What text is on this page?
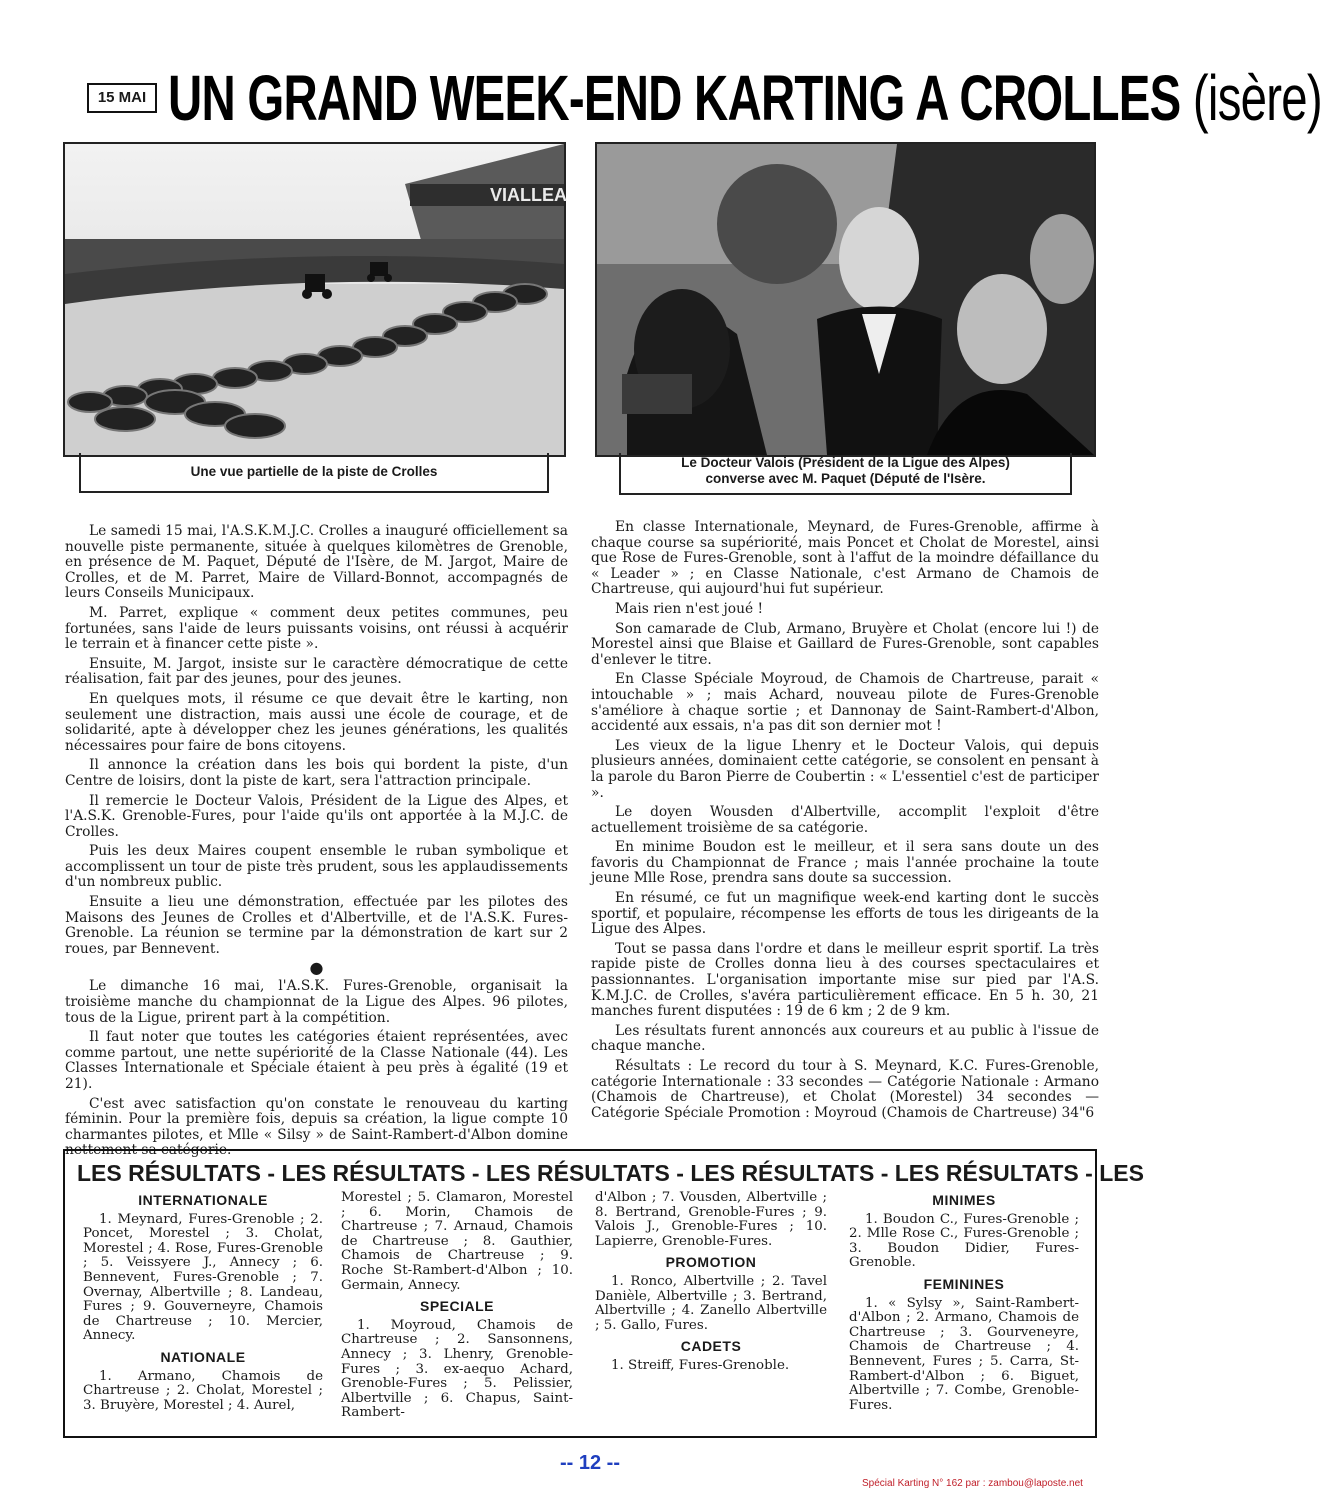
15 MAI UN GRAND WEEK-END KARTING A CROLLES (isère)
VIALLEA
Une vue partielle de la piste de Crolles
Le Docteur Valois (Président de la Ligue des Alpes)
converse avec M. Paquet (Député de l'Isère.

Le samedi 15 mai, l'A.S.K.M.J.C. Crolles a inauguré officiellement sa nouvelle piste permanente, située à quelques kilomètres de Grenoble, en présence de M. Paquet, Député de l'Isère, de M. Jargot, Maire de Crolles, et de M. Parret, Maire de Villard-Bonnot, accompagnés de leurs Conseils Municipaux.

M. Parret, explique « comment deux petites communes, peu fortunées, sans l'aide de leurs puissants voisins, ont réussi à acquérir le terrain et à financer cette piste ».

Ensuite, M. Jargot, insiste sur le caractère démocratique de cette réalisation, fait par des jeunes, pour des jeunes.

En quelques mots, il résume ce que devait être le karting, non seulement une distraction, mais aussi une école de courage, et de solidarité, apte à développer chez les jeunes générations, les qualités nécessaires pour faire de bons citoyens.

Il annonce la création dans les bois qui bordent la piste, d'un Centre de loisirs, dont la piste de kart, sera l'attraction principale.

Il remercie le Docteur Valois, Président de la Ligue des Alpes, et l'A.S.K. Grenoble-Fures, pour l'aide qu'ils ont apportée à la M.J.C. de Crolles.

Puis les deux Maires coupent ensemble le ruban symbolique et accomplissent un tour de piste très prudent, sous les applaudissements d'un nombreux public.

Ensuite a lieu une démonstration, effectuée par les pilotes des Maisons des Jeunes de Crolles et d'Albertville, et de l'A.S.K. Fures-Grenoble. La réunion se termine par la démonstration de kart sur 2 roues, par Bennevent.

●

Le dimanche 16 mai, l'A.S.K. Fures-Grenoble, organisait la troisième manche du championnat de la Ligue des Alpes. 96 pilotes, tous de la Ligue, prirent part à la compétition.

Il faut noter que toutes les catégories étaient représentées, avec comme partout, une nette supériorité de la Classe Nationale (44). Les Classes Internationale et Spéciale étaient à peu près à égalité (19 et 21).

C'est avec satisfaction qu'on constate le renouveau du karting féminin. Pour la première fois, depuis sa création, la ligue compte 10 charmantes pilotes, et Mlle « Silsy » de Saint-Rambert-d'Albon domine nettement sa catégorie.

En classe Internationale, Meynard, de Fures-Grenoble, affirme à chaque course sa supériorité, mais Poncet et Cholat de Morestel, ainsi que Rose de Fures-Grenoble, sont à l'affut de la moindre défaillance du « Leader » ; en Classe Nationale, c'est Armano de Chamois de Chartreuse, qui aujourd'hui fut supérieur.

Mais rien n'est joué !

Son camarade de Club, Armano, Bruyère et Cholat (encore lui !) de Morestel ainsi que Blaise et Gaillard de Fures-Grenoble, sont capables d'enlever le titre.

En Classe Spéciale Moyroud, de Chamois de Chartreuse, parait « intouchable » ; mais Achard, nouveau pilote de Fures-Grenoble s'améliore à chaque sortie ; et Dannonay de Saint-Rambert-d'Albon, accidenté aux essais, n'a pas dit son dernier mot !

Les vieux de la ligue Lhenry et le Docteur Valois, qui depuis plusieurs années, dominaient cette catégorie, se consolent en pensant à la parole du Baron Pierre de Coubertin : « L'essentiel c'est de participer ».

Le doyen Wousden d'Albertville, accomplit l'exploit d'être actuellement troisième de sa catégorie.

En minime Boudon est le meilleur, et il sera sans doute un des favoris du Championnat de France ; mais l'année prochaine la toute jeune Mlle Rose, prendra sans doute sa succession.

En résumé, ce fut un magnifique week-end karting dont le succès sportif, et populaire, récompense les efforts de tous les dirigeants de la Ligue des Alpes.

Tout se passa dans l'ordre et dans le meilleur esprit sportif. La très rapide piste de Crolles donna lieu à des courses spectaculaires et passionnantes. L'organisation importante mise sur pied par l'A.S. K.M.J.C. de Crolles, s'avéra particulièrement efficace. En 5 h. 30, 21 manches furent disputées : 19 de 6 km ; 2 de 9 km.

Les résultats furent annoncés aux coureurs et au public à l'issue de chaque manche.

Résultats : Le record du tour à S. Meynard, K.C. Fures-Grenoble, catégorie Internationale : 33 secondes — Catégorie Nationale : Armano (Chamois de Chartreuse), et Cholat (Morestel) 34 secondes — Catégorie Spéciale Promotion : Moyroud (Chamois de Chartreuse) 34"6

LES RÉSULTATS - LES RÉSULTATS - LES RÉSULTATS - LES RÉSULTATS - LES RÉSULTATS - LES
INTERNATIONALE

1. Meynard, Fures-Grenoble ; 2. Poncet, Morestel ; 3. Cholat, Morestel ; 4. Rose, Fures-Grenoble ; 5. Veissyere J., Annecy ; 6. Bennevent, Fures-Grenoble ; 7. Overnay, Albertville ; 8. Landeau, Fures ; 9. Gouverneyre, Chamois de Chartreuse ; 10. Mercier, Annecy.

NATIONALE

1. Armano, Chamois de Chartreuse ; 2. Cholat, Morestel ; 3. Bruyère, Morestel ; 4. Aurel,

Morestel ; 5. Clamaron, Morestel ; 6. Morin, Chamois de Chartreuse ; 7. Arnaud, Chamois de Chartreuse ; 8. Gauthier, Chamois de Chartreuse ; 9. Roche St-Rambert-d'Albon ; 10. Germain, Annecy.

SPECIALE

1. Moyroud, Chamois de Chartreuse ; 2. Sansonnens, Annecy ; 3. Lhenry, Grenoble-Fures ; 3. ex-aequo Achard, Grenoble-Fures ; 5. Pelissier, Albertville ; 6. Chapus, Saint-Rambert-

d'Albon ; 7. Vousden, Albertville ; 8. Bertrand, Grenoble-Fures ; 9. Valois J., Grenoble-Fures ; 10. Lapierre, Grenoble-Fures.

PROMOTION

1. Ronco, Albertville ; 2. Tavel Danièle, Albertville ; 3. Bertrand, Albertville ; 4. Zanello Albertville ; 5. Gallo, Fures.

CADETS

1. Streiff, Fures-Grenoble.

MINIMES

1. Boudon C., Fures-Grenoble ; 2. Mlle Rose C., Fures-Grenoble ; 3. Boudon Didier, Fures-Grenoble.

FEMININES

1. « Sylsy », Saint-Rambert-d'Albon ; 2. Armano, Chamois de Chartreuse ; 3. Gourveneyre, Chamois de Chartreuse ; 4. Bennevent, Fures ; 5. Carra, St-Rambert-d'Albon ; 6. Biguet, Albertville ; 7. Combe, Grenoble-Fures.

-- 12 --
Spécial Karting N° 162 par : zambou@laposte.net
